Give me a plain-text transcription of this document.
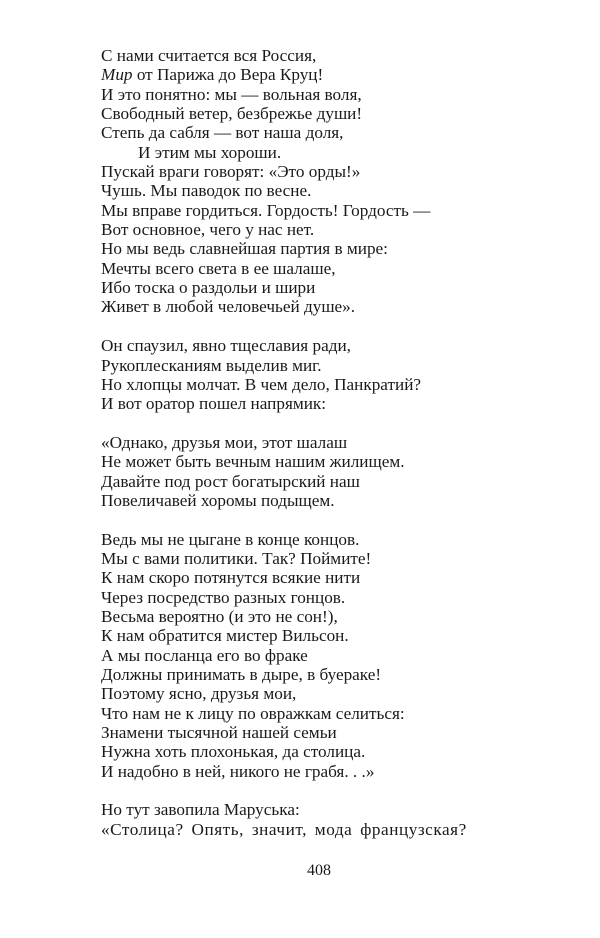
С нами считается вся Россия,
Мир от Парижа до Вера Круц!
И это понятно: мы — вольная воля,
Свободный ветер, безбрежье души!
Степь да сабля — вот наша доля,
И этим мы хороши.
Пускай враги говорят: «Это орды!»
Чушь. Мы паводок по весне.
Мы вправе гордиться. Гордость! Гордость —
Вот основное, чего у нас нет.
Но мы ведь славнейшая партия в мире:
Мечты всего света в ее шалаше,
Ибо тоска о раздольи и шири
Живет в любой человечьей душе».
Он спаузил, явно тщеславия ради,
Рукоплесканиям выделив миг.
Но хлопцы молчат. В чем дело, Панкратий?
И вот оратор пошел напрямик:
«Однако, друзья мои, этот шалаш
Не может быть вечным нашим жилищем.
Давайте под рост богатырский наш
Повеличавей хоромы подыщем.
Ведь мы не цыгане в конце концов.
Мы с вами политики. Так? Поймите!
К нам скоро потянутся всякие нити
Через посредство разных гонцов.
Весьма вероятно (и это не сон!),
К нам обратится мистер Вильсон.
А мы посланца его во фраке
Должны принимать в дыре, в буераке!
Поэтому ясно, друзья мои,
Что нам не к лицу по овражкам селиться:
Знамени тысячной нашей семьи
Нужна хоть плохонькая, да столица.
И надобно в ней, никого не грабя. . .»
Но тут завопила Маруська:
«Столица? Опять, значит, мода французская?
408
